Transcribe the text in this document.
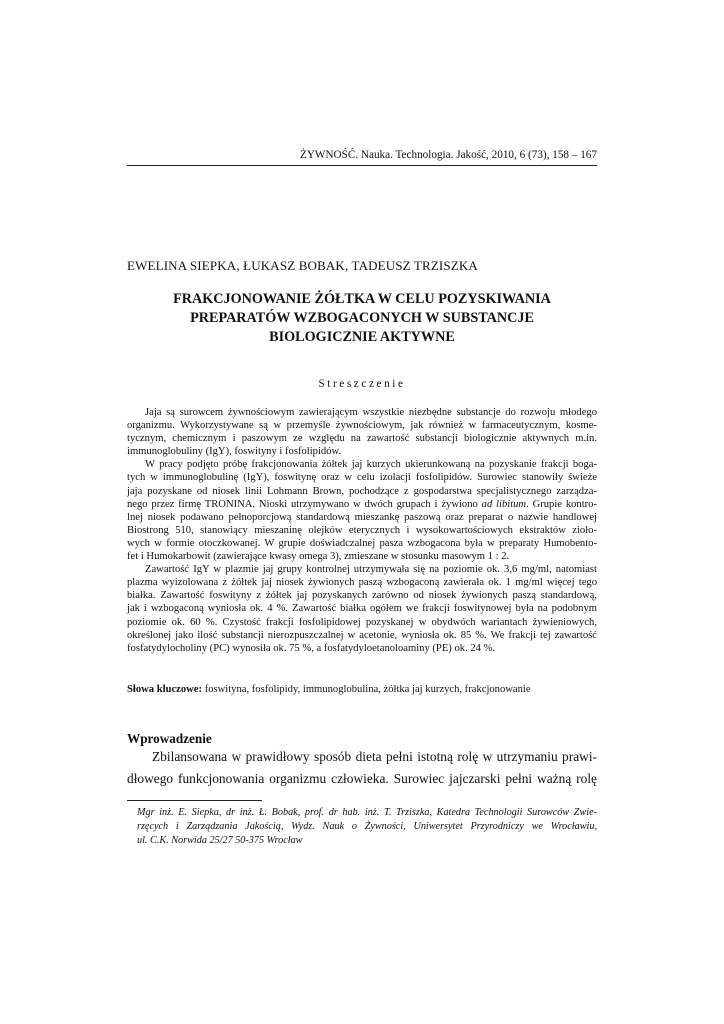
ŻYWNOŚĆ. Nauka. Technologia. Jakość, 2010, 6 (73), 158 – 167
EWELINA SIEPKA, ŁUKASZ BOBAK, TADEUSZ TRZISZKA
FRAKCJONOWANIE ŻÓŁTKA W CELU POZYSKIWANIA
PREPARATÓW WZBOGACONYCH W SUBSTANCJE
BIOLOGICZNIE AKTYWNE
Streszczenie
Jaja są surowcem żywnościowym zawierającym wszystkie niezbędne substancje do rozwoju młodego
organizmu. Wykorzystywane są w przemyśle żywnościowym, jak również w farmaceutycznym, kosme-
tycznym, chemicznym i paszowym ze względu na zawartość substancji biologicznie aktywnych m.in.
immunoglobuliny (IgY), foswityny i fosfolipidów.
W pracy podjęto próbę frakcjonowania żółtek jaj kurzych ukierunkowaną na pozyskanie frakcji boga-
tych w immunoglobulinę (IgY), foswitynę oraz w celu izolacji fosfolipidów. Surowiec stanowiły świeże
jaja pozyskane od niosek linii Lohmann Brown, pochodzące z gospodarstwa specjalistycznego zarządza-
nego przez firmę TRONINA. Nioski utrzymywano w dwóch grupach i żywiono ad libitum. Grupie kontro-
lnej niosek podawano pełnoporcjową standardową mieszankę paszową oraz preparat o nazwie handlowej
Biostrong 510, stanowiący mieszaninę olejków eterycznych i wysokowartościowych ekstraktów zioło-
wych w formie otoczkowanej. W grupie doświadczalnej pasza wzbogacona była w preparaty Humobento-
fet i Humokarbowit (zawierające kwasy omega 3), zmieszane w stosunku masowym 1 : 2.
Zawartość IgY w plazmie jaj grupy kontrolnej utrzymywała się na poziomie ok. 3,6 mg/ml, natomiast
plazma wyizolowana z żółtek jaj niosek żywionych paszą wzbogaconą zawierała ok. 1 mg/ml więcej tego
białka. Zawartość foswityny z żółtek jaj pozyskanych zarówno od niosek żywionych paszą standardową,
jak i wzbogaconą wyniosła ok. 4 %. Zawartość białka ogółem we frakcji foswitynowej była na podobnym
poziomie ok. 60 %. Czystość frakcji fosfolipidowej pozyskanej w obydwóch wariantach żywieniowych,
określonej jako ilość substancji nierozpuszczalnej w acetonie, wyniosła ok. 85 %. We frakcji tej zawartość
fosfatydylocholiny (PC) wynosiła ok. 75 %, a fosfatydyloetanoloaminy (PE) ok. 24 %.
Słowa kluczowe: foswityna, fosfolipidy, immunoglobulina, żółtka jaj kurzych, frakcjonowanie
Wprowadzenie
Zbilansowana w prawidłowy sposób dieta pełni istotną rolę w utrzymaniu prawi-
dłowego funkcjonowania organizmu człowieka. Surowiec jajczarski pełni ważną rolę
Mgr inż. E. Siepka, dr inż. Ł. Bobak, prof. dr hab. inż. T. Trziszka, Katedra Technologii Surowców Zwie-
rzęcych i Zarządzania Jakością, Wydz. Nauk o Żywności, Uniwersytet Przyrodniczy we Wrocławiu,
ul. C.K. Norwida 25/27 50-375 Wrocław
